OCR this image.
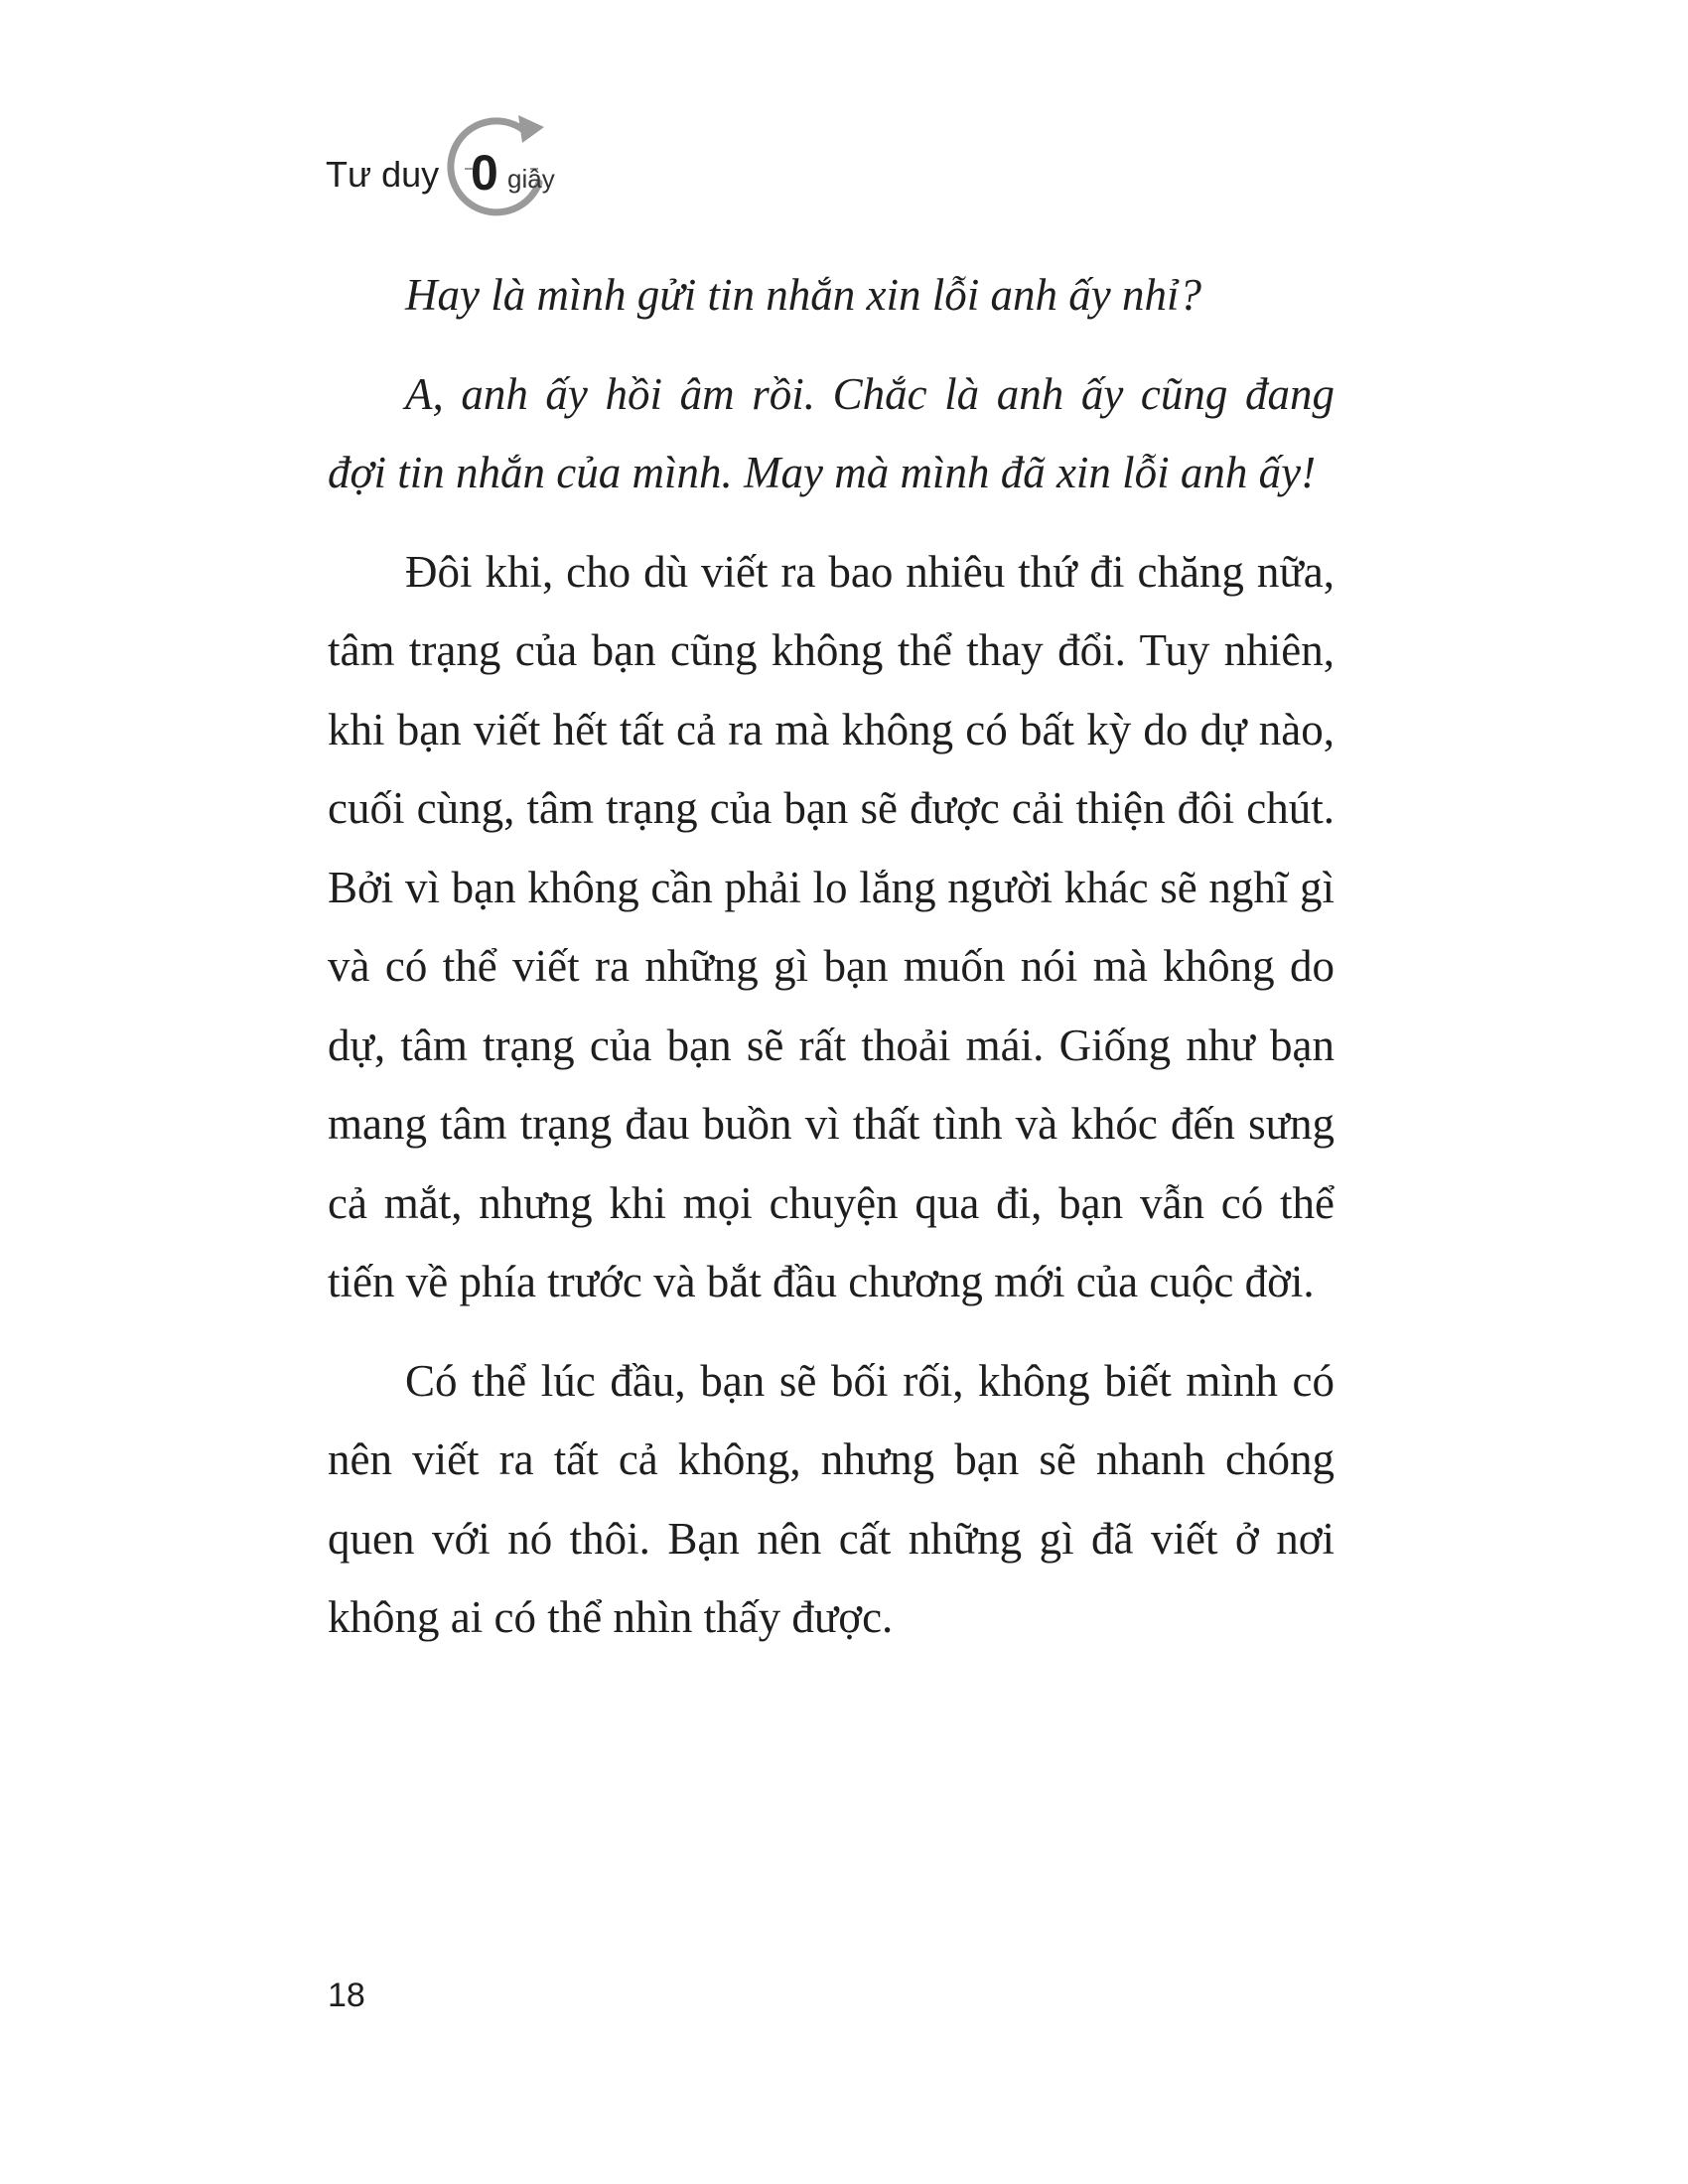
Tư duy 0 giây

Hay là mình gửi tin nhắn xin lỗi anh ấy nhỉ?

A, anh ấy hồi âm rồi. Chắc là anh ấy cũng đang đợi tin nhắn của mình. May mà mình đã xin lỗi anh ấy!

Đôi khi, cho dù viết ra bao nhiêu thứ đi chăng nữa, tâm trạng của bạn cũng không thể thay đổi. Tuy nhiên, khi bạn viết hết tất cả ra mà không có bất kỳ do dự nào, cuối cùng, tâm trạng của bạn sẽ được cải thiện đôi chút. Bởi vì bạn không cần phải lo lắng người khác sẽ nghĩ gì và có thể viết ra những gì bạn muốn nói mà không do dự, tâm trạng của bạn sẽ rất thoải mái. Giống như bạn mang tâm trạng đau buồn vì thất tình và khóc đến sưng cả mắt, nhưng khi mọi chuyện qua đi, bạn vẫn có thể tiến về phía trước và bắt đầu chương mới của cuộc đời.

Có thể lúc đầu, bạn sẽ bối rối, không biết mình có nên viết ra tất cả không, nhưng bạn sẽ nhanh chóng quen với nó thôi. Bạn nên cất những gì đã viết ở nơi không ai có thể nhìn thấy được.

18
